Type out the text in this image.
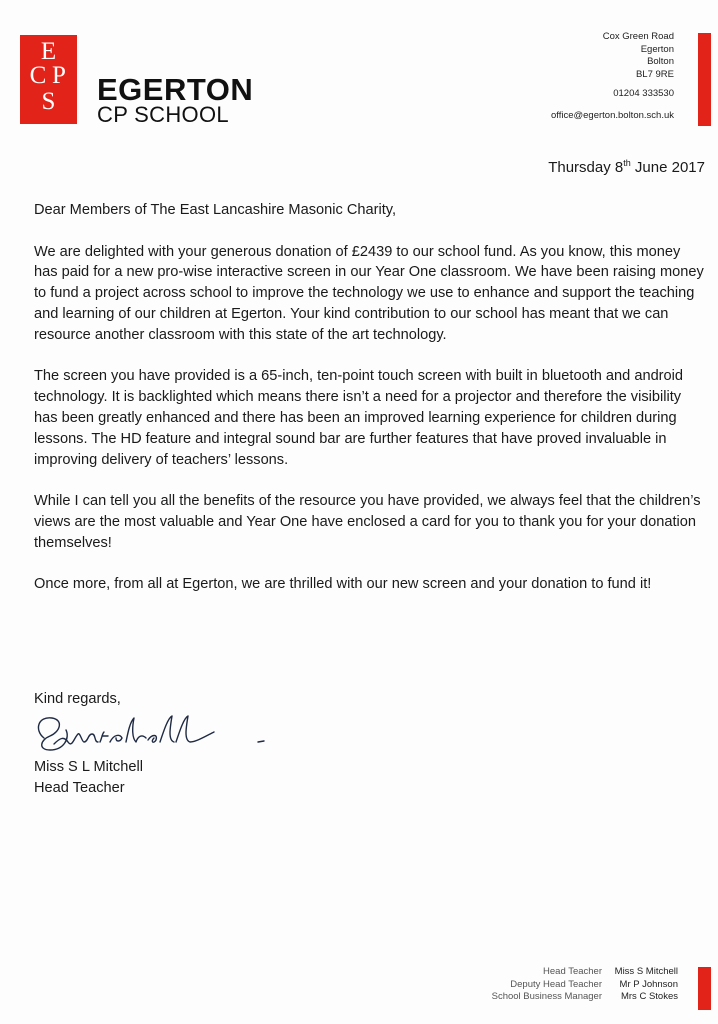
E
C P
S EGERTON
CP SCHOOL
Cox Green Road
Egerton
Bolton
BL7 9RE
01204 333530
office@egerton.bolton.sch.uk
Thursday 8th June 2017

Dear Members of The East Lancashire Masonic Charity,

We are delighted with your generous donation of £2439 to our school fund. As you know, this money has paid for a new pro-wise interactive screen in our Year One classroom. We have been raising money to fund a project across school to improve the technology we use to enhance and support the teaching and learning of our children at Egerton. Your kind contribution to our school has meant that we can resource another classroom with this state of the art technology.

The screen you have provided is a 65-inch, ten-point touch screen with built in bluetooth and android technology. It is backlighted which means there isn’t a need for a projector and therefore the visibility has been greatly enhanced and there has been an improved learning experience for children during lessons. The HD feature and integral sound bar are further features that have proved invaluable in improving delivery of teachers’ lessons.

While I can tell you all the benefits of the resource you have provided, we always feel that the children’s views are the most valuable and Year One have enclosed a card for you to thank you for your donation themselves!

Once more, from all at Egerton, we are thrilled with our new screen and your donation to fund it!

Kind regards,
Miss S L Mitchell
Head Teacher
Head Teacher	Miss S Mitchell
Deputy Head Teacher	Mr P Johnson
School Business Manager	Mrs C Stokes
